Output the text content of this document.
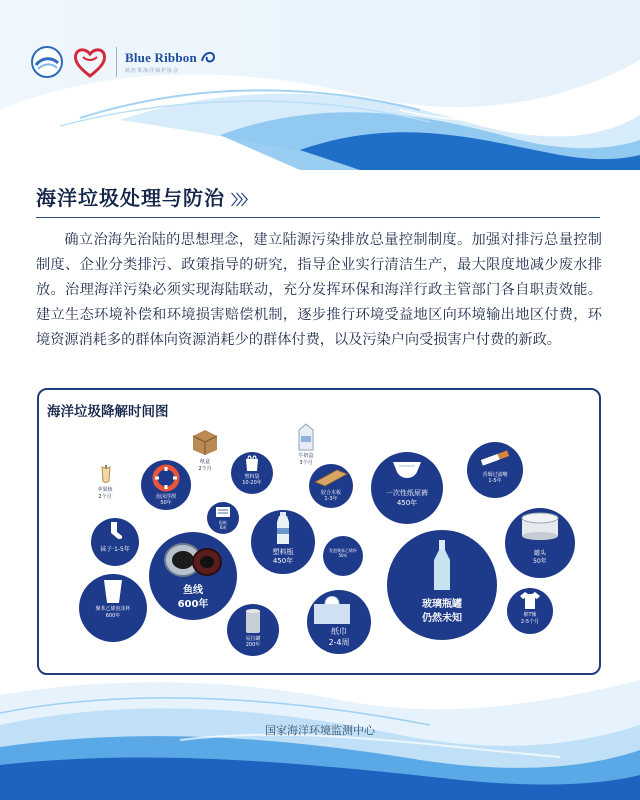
Blue Ribbon
蓝丝带海洋保护协会
海洋垃圾处理与防治 〉〉〉
确立治海先治陆的思想理念，建立陆源污染排放总量控制制度。加强对排污总量控制制度、企业分类排污、政策指导的研究，指导企业实行清洁生产，最大限度地减少废水排放。治理海洋污染必须实现海陆联动，充分发挥环保和海洋行政主管部门各自职责效能。建立生态环境补偿和环境损害赔偿机制，逐步推行环境受益地区向环境输出地区付费，环境资源消耗多的群体向资源消耗少的群体付费，以及污染户向受损害户付费的新政。
海洋垃圾降解时间图
纸盒
2个月
牛奶盒
3个月
苹果核
2个月	泡沫浮漂
50年
塑料袋
10-20年
胶合木板
1-3年
一次性纸尿裤
450年
香烟过滤嘴
1-5年
袜子·1-5年
报纸
6周
塑料瓶
450年
发泡聚苯乙烯杯
50年
鱼线
600年
聚苯乙烯泡沫杯
600年
易拉罐
200年
纸巾
2-4周
玻璃瓶罐
仍然未知
罐头
50年
棉T恤
2-5个月
国家海洋环境监测中心
